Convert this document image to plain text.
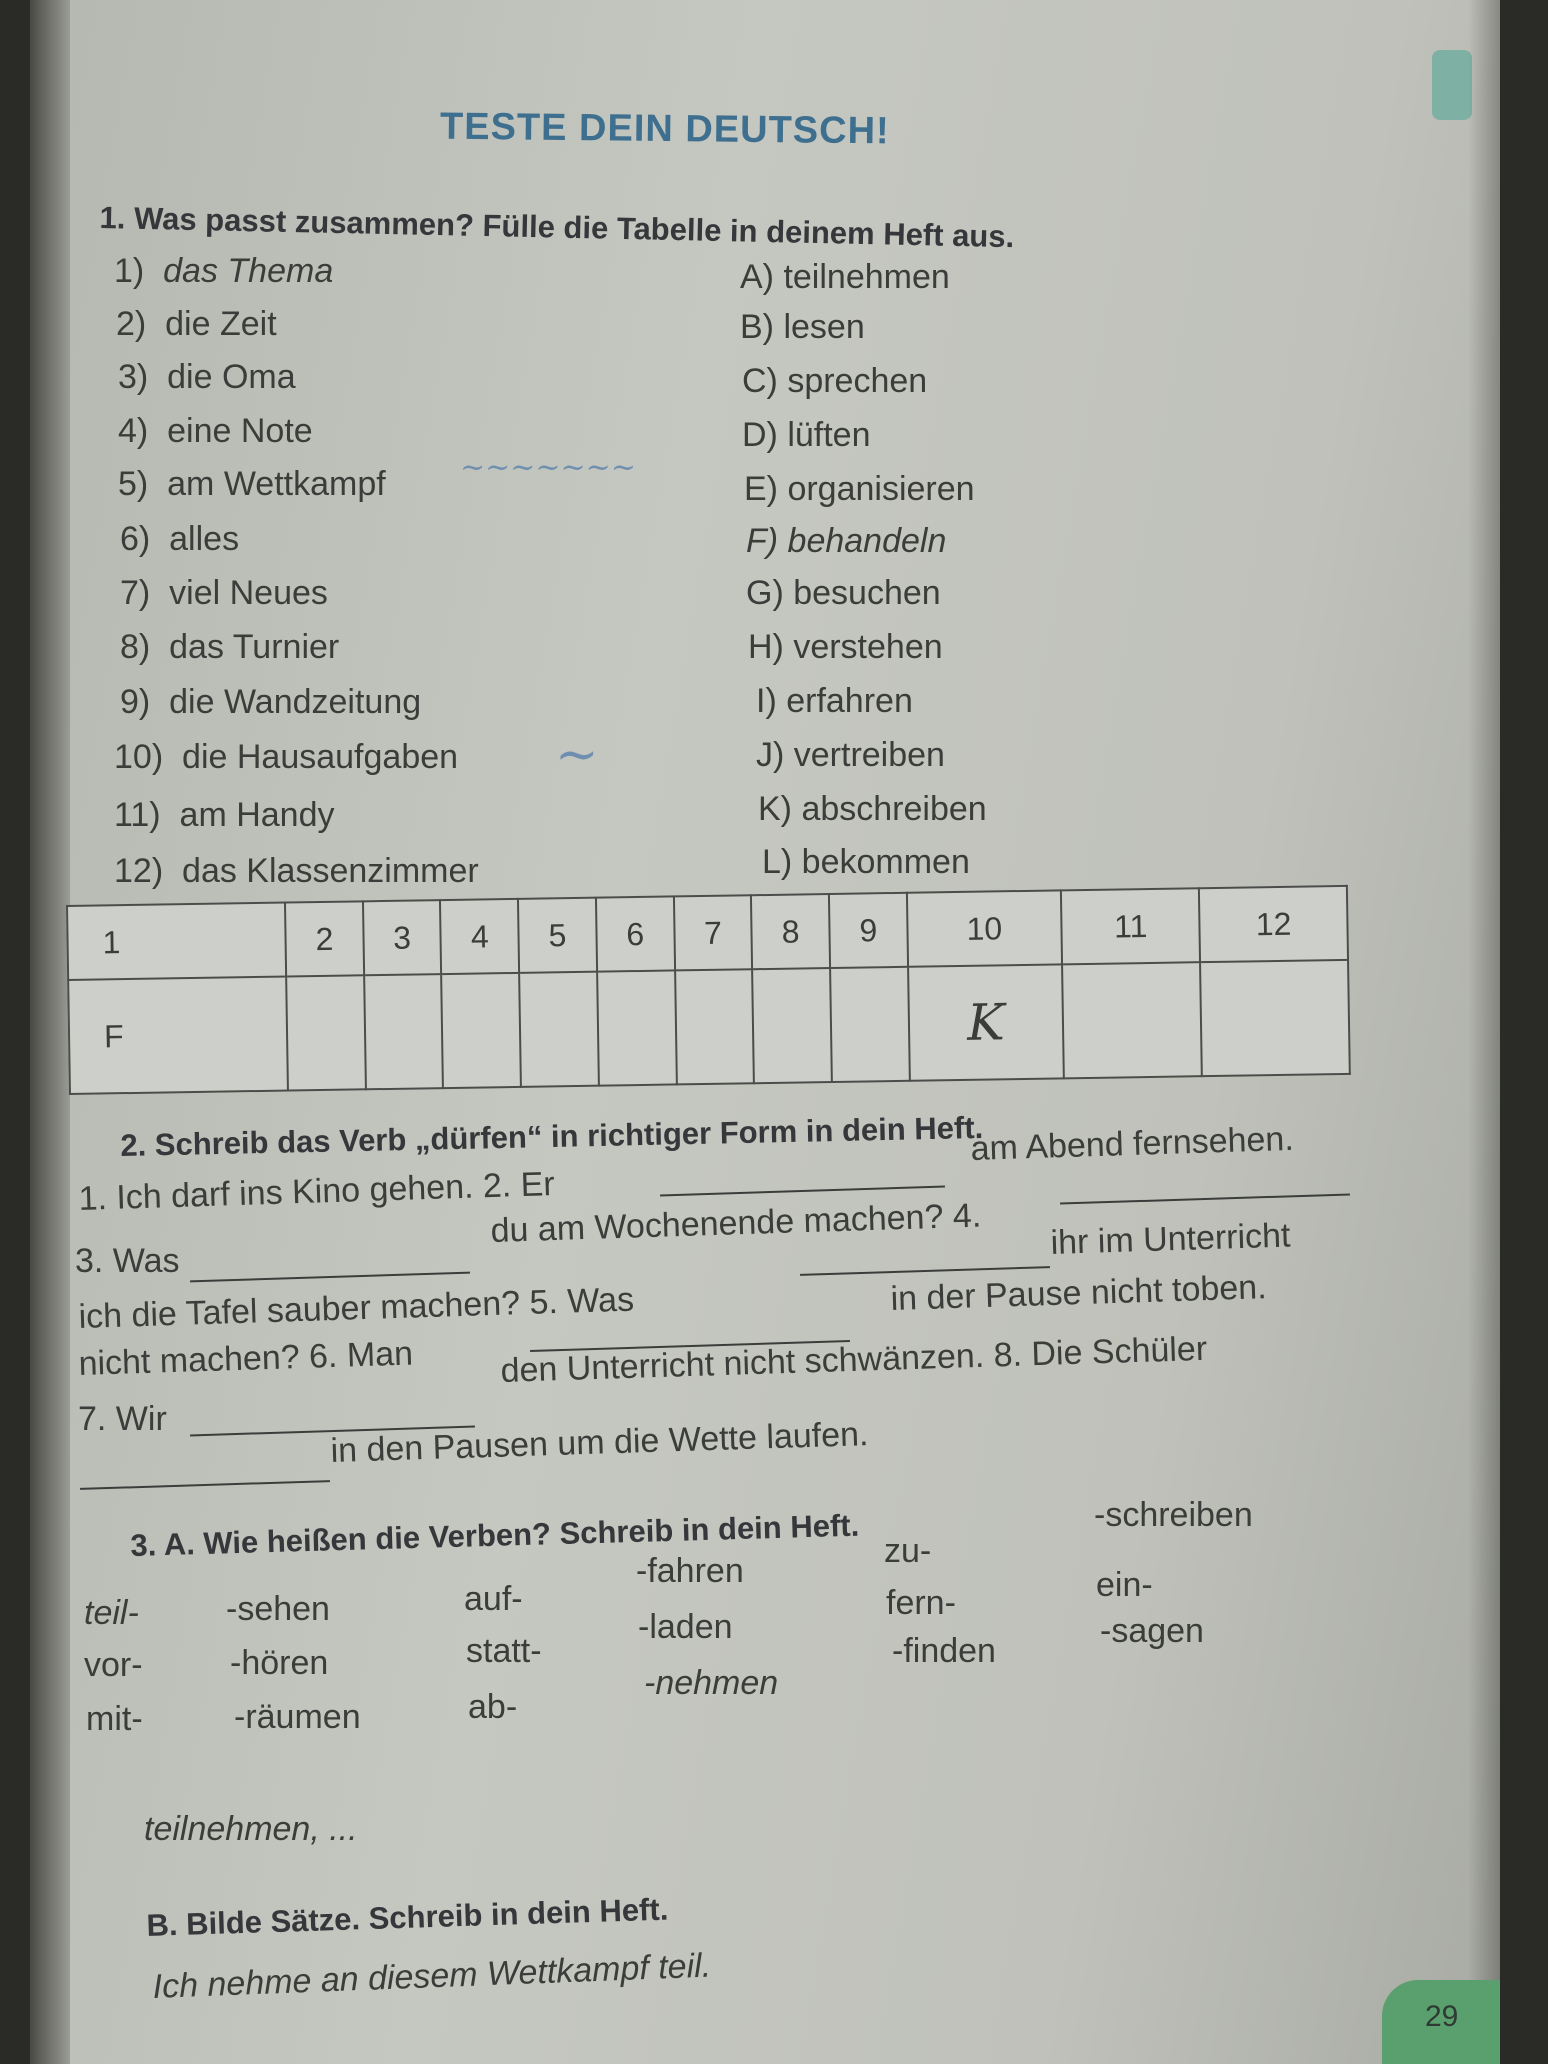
TESTE DEIN DEUTSCH!
1. Was passt zusammen? Fülle die Tabelle in deinem Heft aus.
1) das Thema
2) die Zeit
3) die Oma
4) eine Note
5) am Wettkampf
6) alles
7) viel Neues
8) das Turnier
9) die Wandzeitung
10) die Hausaufgaben
11) am Handy
12) das Klassenzimmer
~~~~~~~
~
A) teilnehmen
B) lesen
C) sprechen
D) lüften
E) organisieren
F) behandeln
G) besuchen
H) verstehen
I) erfahren
J) vertreiben
K) abschreiben
L) bekommen
1	2	3	4	5	6	7	8	9	10	11	12
F									K		
2. Schreib das Verb „dürfen“ in richtiger Form in dein Heft.
1. Ich darf ins Kino gehen. 2. Er
am Abend fernsehen.
3. Was
du am Wochenende machen? 4.
ich die Tafel sauber machen? 5. Was
ihr im Unterricht
nicht machen? 6. Man
in der Pause nicht toben.
7. Wir
den Unterricht nicht schwänzen. 8. Die Schüler
in den Pausen um die Wette laufen.
3. A. Wie heißen die Verben? Schreib in dein Heft.
teil-	-sehen	auf-
-fahren
zu-
-schreiben
vor-	-hören	statt-
-laden
fern-	ein-
mit-	-räumen	ab-
-nehmen
-finden
-sagen
teilnehmen, ...
B. Bilde Sätze. Schreib in dein Heft.
Ich nehme an diesem Wettkampf teil.
29
